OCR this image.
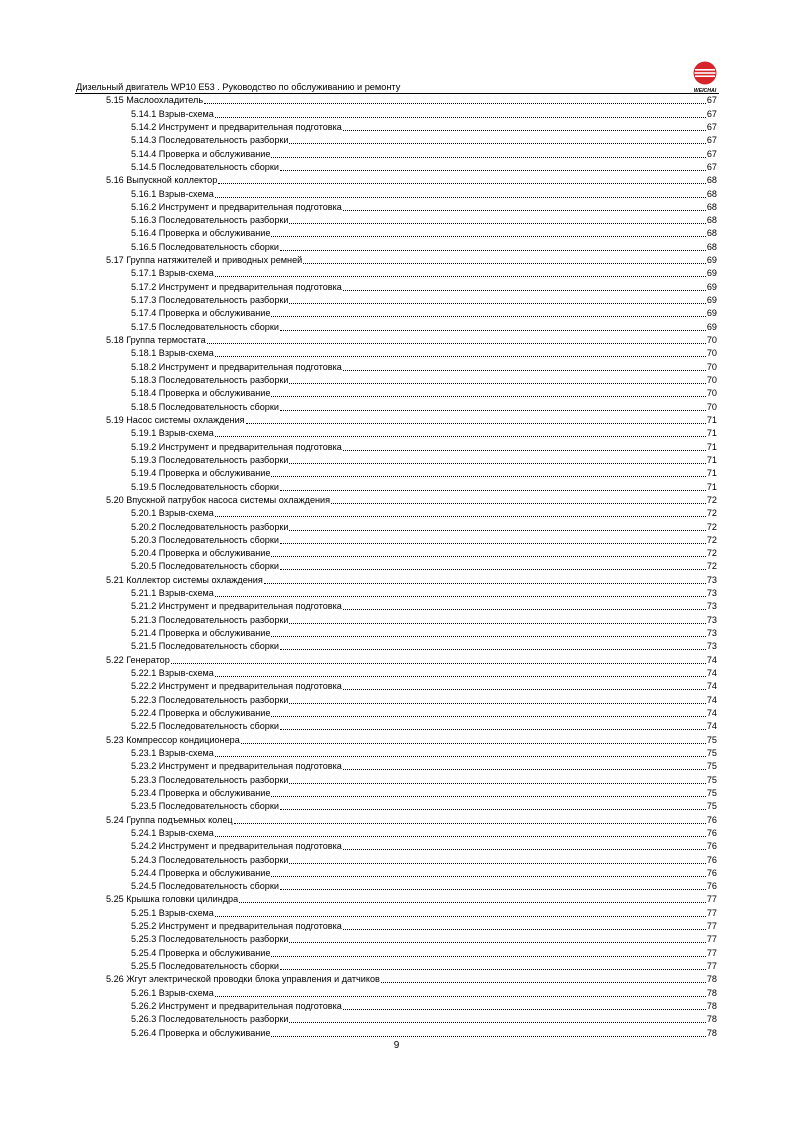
Дизельный двигатель WP10 E53 . Руководство по обслуживанию и ремонту	WEICHAI
5.15 Маслоохладитель	67
5.14.1 Взрыв-схема	67
5.14.2 Инструмент и предварительная подготовка	67
5.14.3 Последовательность разборки	67
5.14.4 Проверка и обслуживание	67
5.14.5 Последовательность сборки	67
5.16 Выпускной коллектор	68
5.16.1 Взрыв-схема	68
5.16.2 Инструмент и предварительная подготовка	68
5.16.3 Последовательность разборки	68
5.16.4 Проверка и обслуживание	68
5.16.5 Последовательность сборки	68
5.17 Группа натяжителей и приводных ремней	69
5.17.1 Взрыв-схема	69
5.17.2 Инструмент и предварительная подготовка	69
5.17.3 Последовательность разборки	69
5.17.4 Проверка и обслуживание	69
5.17.5 Последовательность сборки	69
5.18 Группа термостата	70
5.18.1 Взрыв-схема	70
5.18.2 Инструмент и предварительная подготовка	70
5.18.3 Последовательность разборки	70
5.18.4 Проверка и обслуживание	70
5.18.5 Последовательность сборки	70
5.19 Насос системы охлаждения	71
5.19.1 Взрыв-схема	71
5.19.2 Инструмент и предварительная подготовка	71
5.19.3 Последовательность разборки	71
5.19.4 Проверка и обслуживание	71
5.19.5 Последовательность сборки	71
5.20 Впускной патрубок насоса системы охлаждения	72
5.20.1 Взрыв-схема	72
5.20.2 Последовательность разборки	72
5.20.3 Последовательность сборки	72
5.20.4 Проверка и обслуживание	72
5.20.5 Последовательность сборки	72
5.21 Коллектор системы охлаждения	73
5.21.1 Взрыв-схема	73
5.21.2 Инструмент и предварительная подготовка	73
5.21.3 Последовательность разборки	73
5.21.4 Проверка и обслуживание	73
5.21.5 Последовательность сборки	73
5.22 Генератор	74
5.22.1 Взрыв-схема	74
5.22.2 Инструмент и предварительная подготовка	74
5.22.3 Последовательность разборки	74
5.22.4 Проверка и обслуживание	74
5.22.5 Последовательность сборки	74
5.23 Компрессор кондиционера	75
5.23.1 Взрыв-схема	75
5.23.2 Инструмент и предварительная подготовка	75
5.23.3 Последовательность разборки	75
5.23.4 Проверка и обслуживание	75
5.23.5 Последовательность сборки	75
5.24 Группа подъемных колец	76
5.24.1 Взрыв-схема	76
5.24.2 Инструмент и предварительная подготовка	76
5.24.3 Последовательность разборки	76
5.24.4 Проверка и обслуживание	76
5.24.5 Последовательность сборки	76
5.25 Крышка головки цилиндра	77
5.25.1 Взрыв-схема	77
5.25.2 Инструмент и предварительная подготовка	77
5.25.3 Последовательность разборки	77
5.25.4 Проверка и обслуживание	77
5.25.5 Последовательность сборки	77
5.26 Жгут электрической проводки блока управления и датчиков	78
5.26.1 Взрыв-схема	78
5.26.2 Инструмент и предварительная подготовка	78
5.26.3 Последовательность разборки	78
5.26.4 Проверка и обслуживание	78
9
